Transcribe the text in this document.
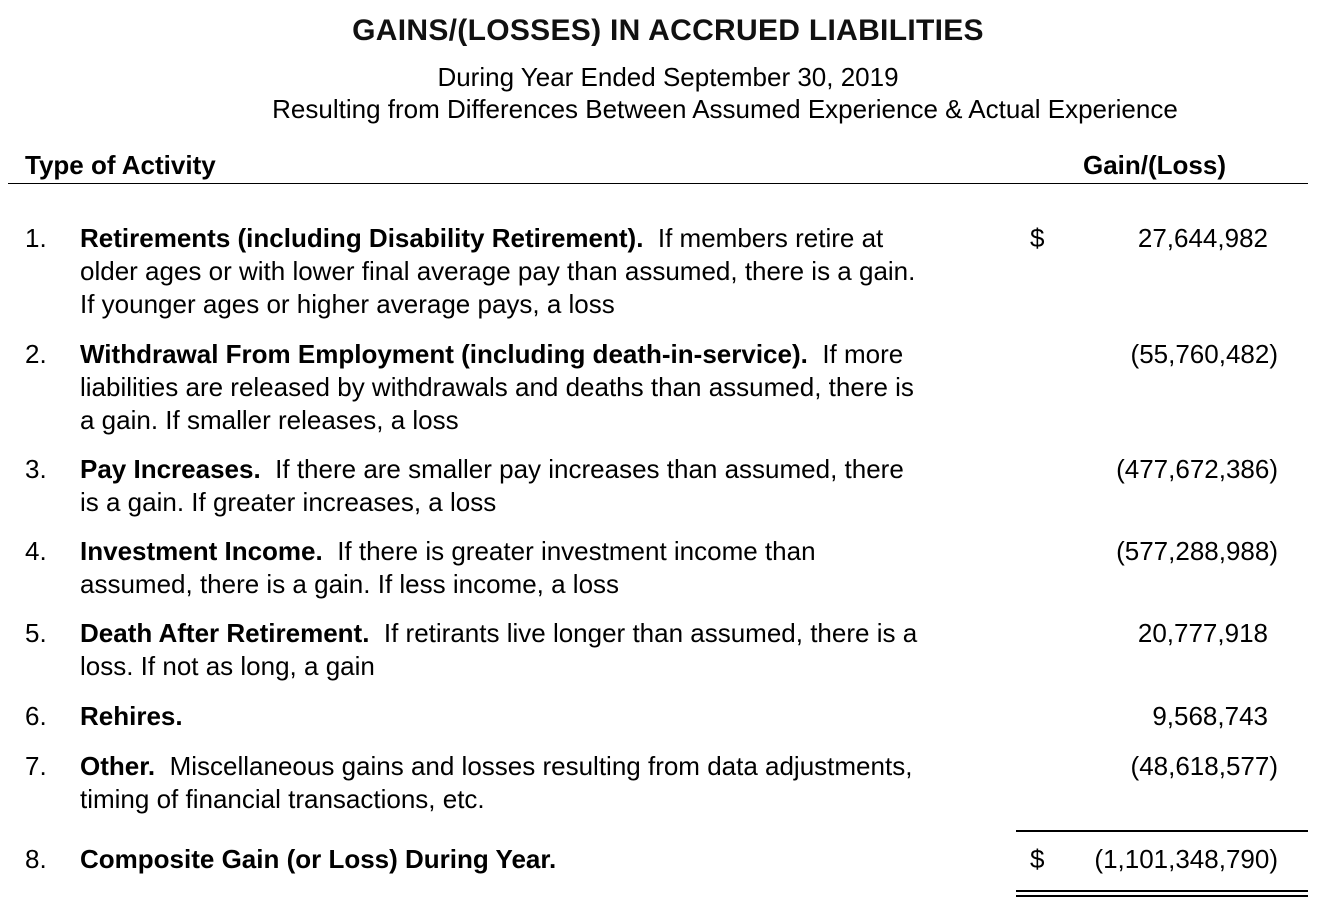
GAINS/(LOSSES) IN ACCRUED LIABILITIES
During Year Ended September 30, 2019
Resulting from Differences Between Assumed Experience & Actual Experience
Type of Activity	Gain/(Loss)
1. Retirements (including Disability Retirement). If members retire at
older ages or with lower final average pay than assumed, there is a gain.
If younger ages or higher average pays, a loss
$	27,644,982
2. Withdrawal From Employment (including death-in-service). If more
liabilities are released by withdrawals and deaths than assumed, there is
a gain. If smaller releases, a loss
(55,760,482)
3. Pay Increases. If there are smaller pay increases than assumed, there
is a gain. If greater increases, a loss
(477,672,386)
4. Investment Income. If there is greater investment income than
assumed, there is a gain. If less income, a loss
(577,288,988)
5. Death After Retirement. If retirants live longer than assumed, there is a
loss. If not as long, a gain
20,777,918
6. Rehires.	9,568,743
7. Other. Miscellaneous gains and losses resulting from data adjustments,
timing of financial transactions, etc.
(48,618,577)
8. Composite Gain (or Loss) During Year.	$ (1,101,348,790)
